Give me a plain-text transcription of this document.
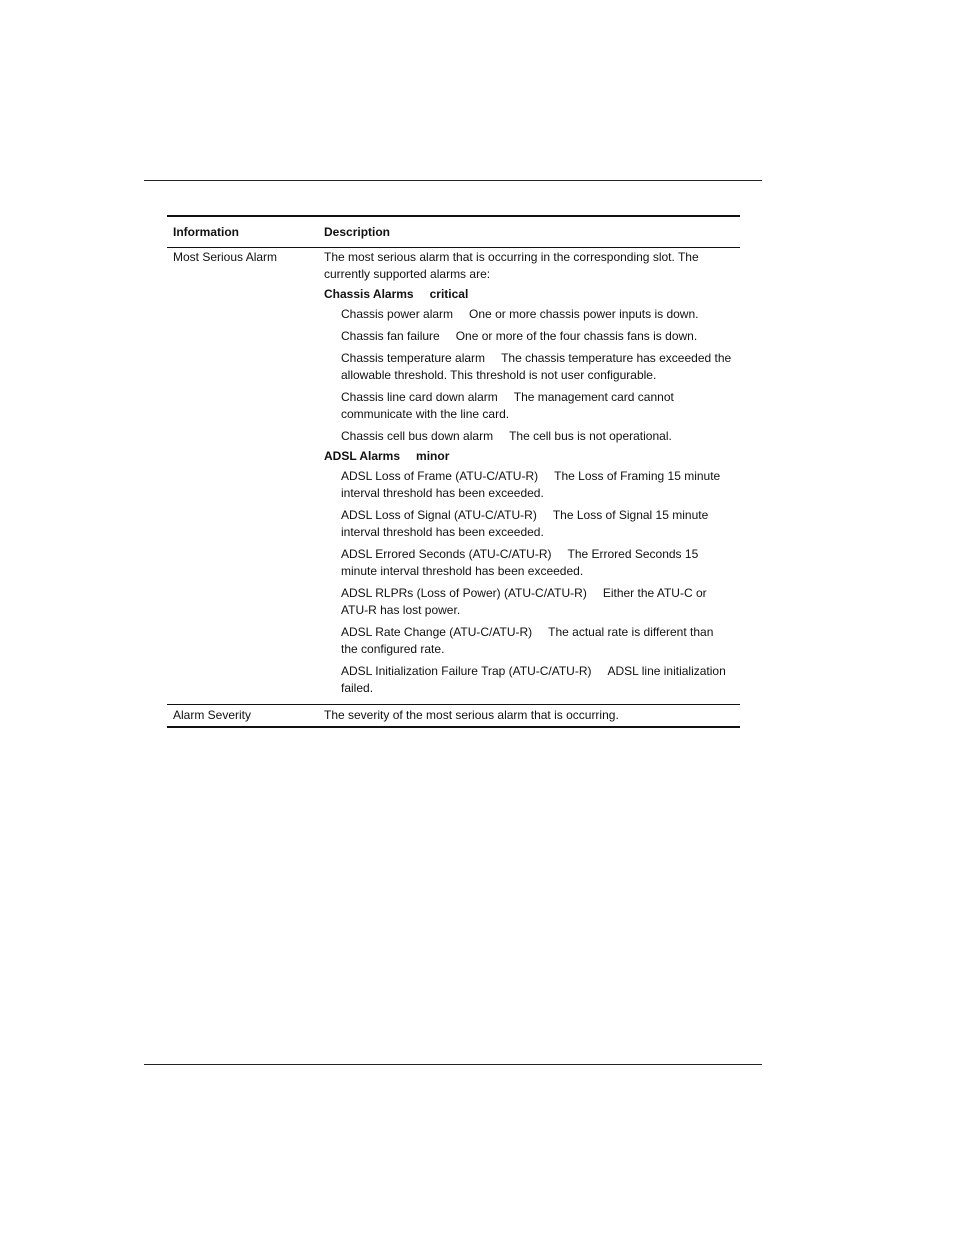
Information	Description
Most Serious Alarm	The most serious alarm that is occurring in the corresponding slot. The currently supported alarms are:

Chassis Alarms critical
Chassis power alarm One or more chassis power inputs is down.
Chassis fan failure One or more of the four chassis fans is down.
Chassis temperature alarm The chassis temperature has exceeded the allowable threshold. This threshold is not user configurable.
Chassis line card down alarm The management card cannot communicate with the line card.
Chassis cell bus down alarm The cell bus is not operational.
ADSL Alarms minor
ADSL Loss of Frame (ATU-C/ATU-R) The Loss of Framing 15 minute interval threshold has been exceeded.
ADSL Loss of Signal (ATU-C/ATU-R) The Loss of Signal 15 minute interval threshold has been exceeded.
ADSL Errored Seconds (ATU-C/ATU-R) The Errored Seconds 15 minute interval threshold has been exceeded.
ADSL RLPRs (Loss of Power) (ATU-C/ATU-R) Either the ATU-C or ATU-R has lost power.
ADSL Rate Change (ATU-C/ATU-R) The actual rate is different than the configured rate.
ADSL Initialization Failure Trap (ATU-C/ATU-R) ADSL line initialization failed.
Alarm Severity	The severity of the most serious alarm that is occurring.
